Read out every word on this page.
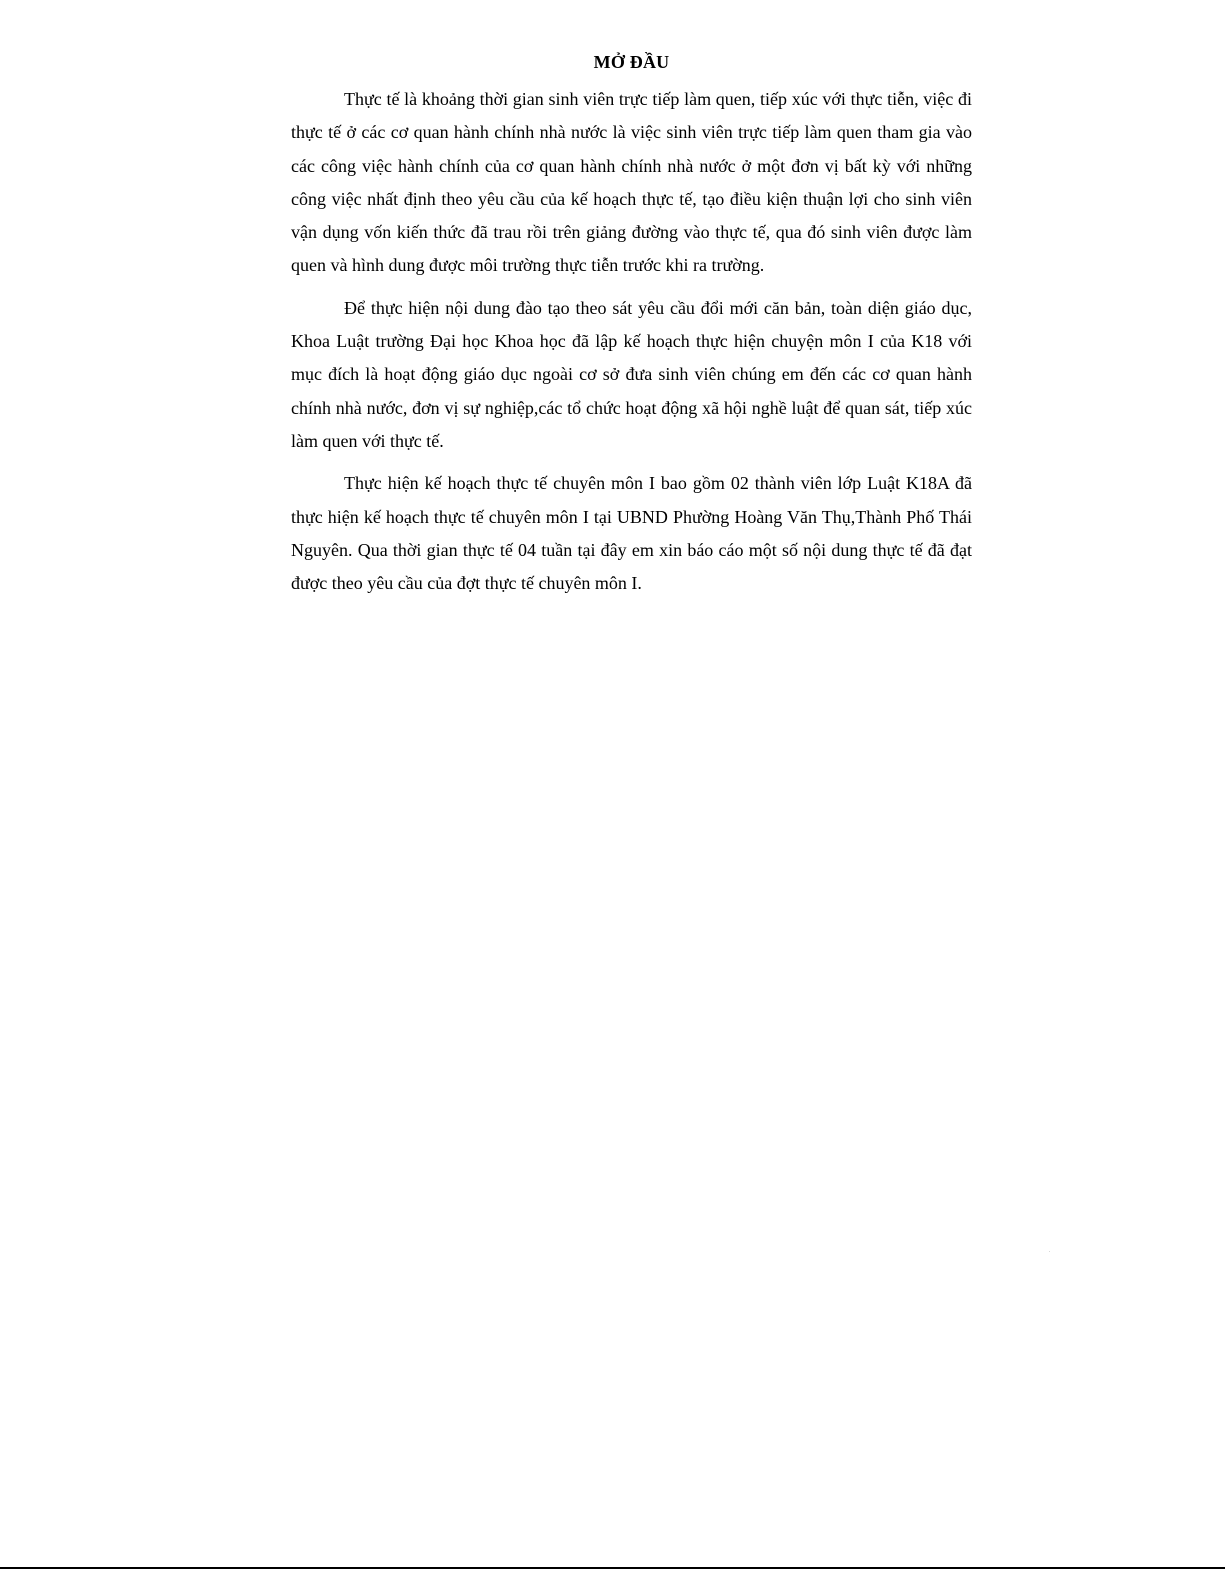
MỞ ĐẦU

Thực tế là khoảng thời gian sinh viên trực tiếp làm quen, tiếp xúc với thực tiễn, việc đi thực tế ở các cơ quan hành chính nhà nước là việc sinh viên trực tiếp làm quen tham gia vào các công việc hành chính của cơ quan hành chính nhà nước ở một đơn vị bất kỳ với những công việc nhất định theo yêu cầu của kế hoạch thực tế, tạo điều kiện thuận lợi cho sinh viên vận dụng vốn kiến thức đã trau rồi trên giảng đường vào thực tế, qua đó sinh viên được làm quen và hình dung được môi trường thực tiễn trước khi ra trường.

Để thực hiện nội dung đào tạo theo sát yêu cầu đổi mới căn bản, toàn diện giáo dục, Khoa Luật trường Đại học Khoa học đã lập kế hoạch thực hiện chuyện môn I của K18 với mục đích là hoạt động giáo dục ngoài cơ sở đưa sinh viên chúng em đến các cơ quan hành chính nhà nước, đơn vị sự nghiệp,các tổ chức hoạt động xã hội nghề luật để quan sát, tiếp xúc làm quen với thực tế.

Thực hiện kế hoạch thực tế chuyên môn I bao gồm 02 thành viên lớp Luật K18A đã thực hiện kế hoạch thực tế chuyên môn I tại UBND Phường Hoàng Văn Thụ,Thành Phố Thái Nguyên. Qua thời gian thực tế 04 tuần tại đây em xin báo cáo một số nội dung thực tế đã đạt được theo yêu cầu của đợt thực tế chuyên môn I.
